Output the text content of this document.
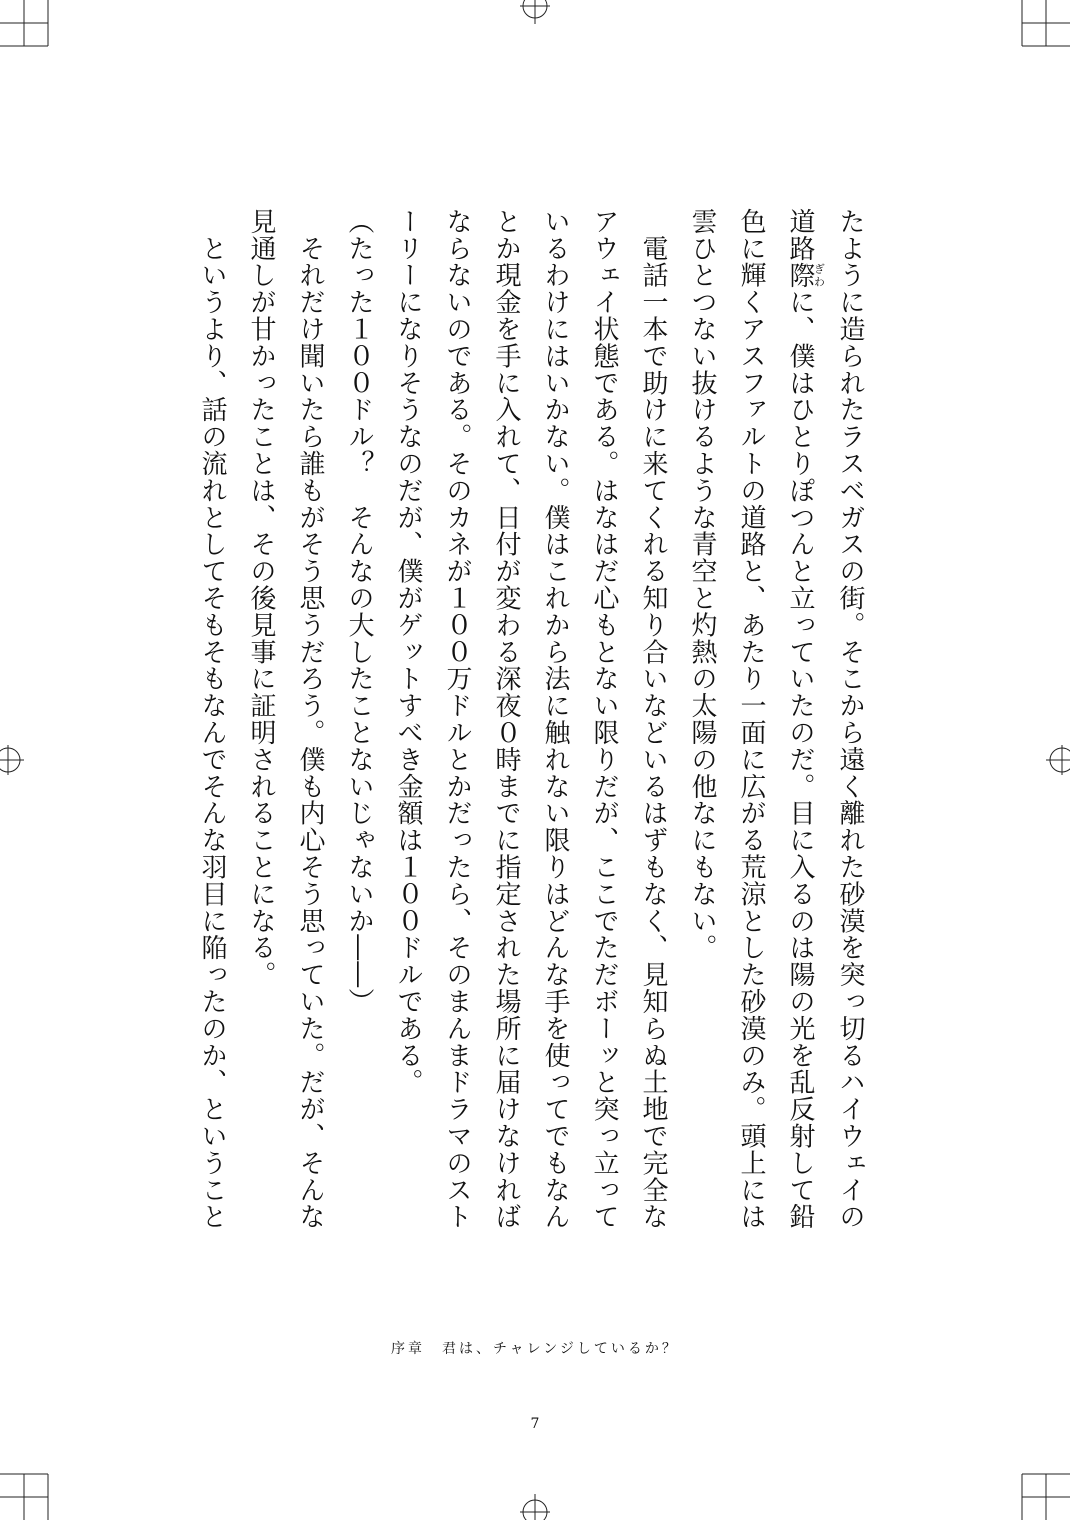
たように造られたラスベガスの街。そこから遠く離れた砂漠を突っ切るハイウェイの
道路際ぎわに、僕はひとりぽつんと立っていたのだ。目に入るのは陽の光を乱反射して鉛
色に輝くアスファルトの道路と、あたり一面に広がる荒涼とした砂漠のみ。頭上には
雲ひとつない抜けるような青空と灼熱の太陽の他なにもない。
　電話一本で助けに来てくれる知り合いなどいるはずもなく、見知らぬ土地で完全な
アウェイ状態である。はなはだ心もとない限りだが、ここでただボーッと突っ立って
いるわけにはいかない。僕はこれから法に触れない限りはどんな手を使ってでもなん
とか現金を手に入れて、日付が変わる深夜０時までに指定された場所に届けなければ
ならないのである。そのカネが１００万ドルとかだったら、そのまんまドラマのスト
ーリーになりそうなのだが、僕がゲットすべき金額は１００ドルである。
（たった１００ドル？　そんなの大したことないじゃないか――）
　それだけ聞いたら誰もがそう思うだろう。僕も内心そう思っていた。だが、そんな
見通しが甘かったことは、その後見事に証明されることになる。
　というより、話の流れとしてそもそもなんでそんな羽目に陥ったのか、ということ
序章　君は、チャレンジしているか？
7
